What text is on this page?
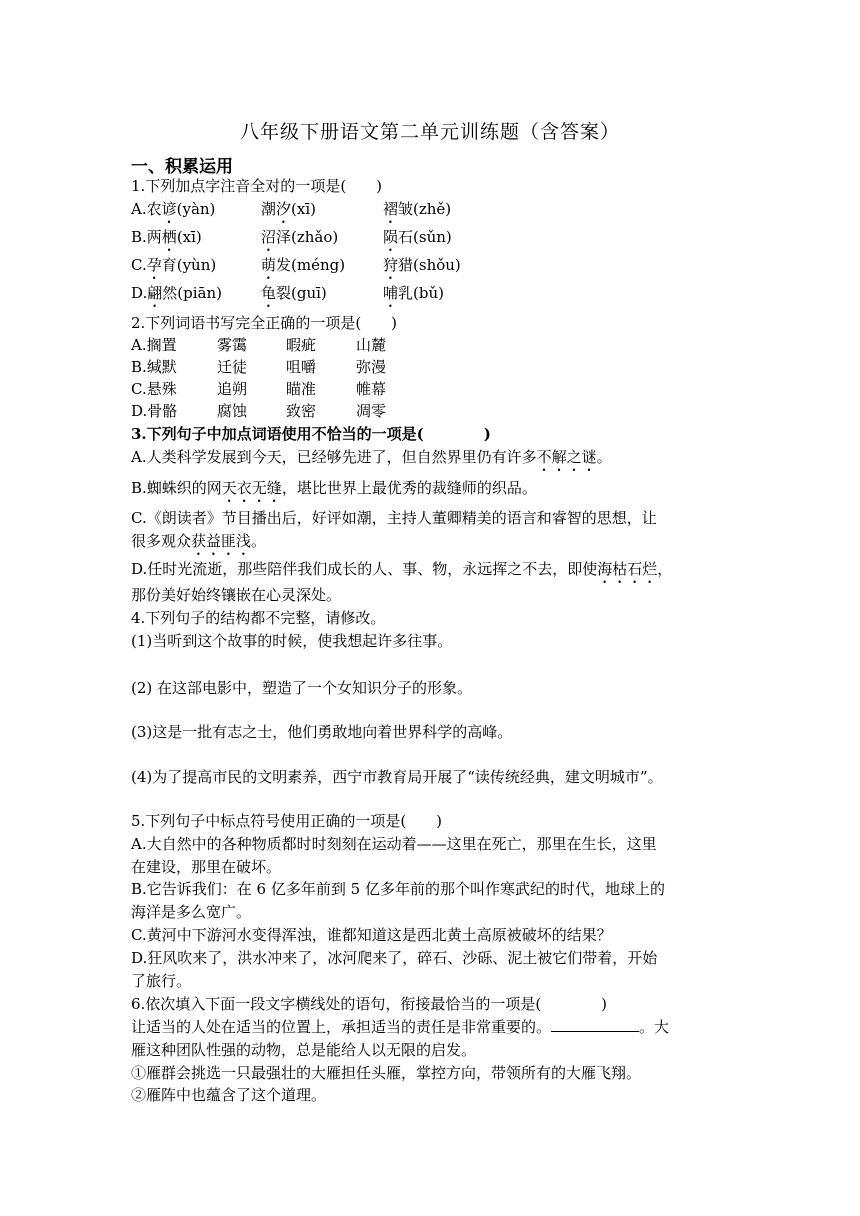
八年级下册语文第二单元训练题（含答案）
一、积累运用
1.下列加点字注音全对的一项是(　　)
A.农谚(yàn)	潮汐(xī)	褶皱(zhě)
B.两栖(xī)	沼泽(zhǎo)	陨石(sǔn)
C.孕育(yùn)	萌发(méng)	狩猎(shǒu)
D.翩然(piān)	龟裂(guī)	哺乳(bǔ)
2.下列词语书写完全正确的一项是(　　)
A.搁置	雾霭	暇疵	山麓
B.缄默	迁徒	咀嚼	弥漫
C.悬殊	追朔	瞄准	帷幕
D.骨骼	腐蚀	致密	凋零
3.下列句子中加点词语使用不恰当的一项是(　　　　)
A.人类科学发展到今天，已经够先进了，但自然界里仍有许多不解之谜。
B.蜘蛛织的网天衣无缝，堪比世界上最优秀的裁缝师的织品。
C.《朗读者》节目播出后，好评如潮，主持人董卿精美的语言和睿智的思想，让
很多观众获益匪浅。
D.任时光流逝，那些陪伴我们成长的人、事、物，永远挥之不去，即使海枯石烂，
那份美好始终镶嵌在心灵深处。
4.下列句子的结构都不完整，请修改。
(1)当听到这个故事的时候，使我想起许多往事。
(2) 在这部电影中，塑造了一个女知识分子的形象。
(3)这是一批有志之士，他们勇敢地向着世界科学的高峰。
(4)为了提高市民的文明素养，西宁市教育局开展了“读传统经典，建文明城市”。
5.下列句子中标点符号使用正确的一项是(　　)
A.大自然中的各种物质都时时刻刻在运动着——这里在死亡，那里在生长，这里
在建设，那里在破坏。
B.它告诉我们：在 6 亿多年前到 5 亿多年前的那个叫作寒武纪的时代，地球上的
海洋是多么宽广。
C.黄河中下游河水变得浑浊，谁都知道这是西北黄土高原被破坏的结果？
D.狂风吹来了，洪水冲来了，冰河爬来了，碎石、沙砾、泥土被它们带着，开始
了旅行。
6.依次填入下面一段文字横线处的语句，衔接最恰当的一项是(　　　　)
让适当的人处在适当的位置上，承担适当的责任是非常重要的。	。大
雁这种团队性强的动物，总是能给人以无限的启发。
①雁群会挑选一只最强壮的大雁担任头雁，掌控方向，带领所有的大雁飞翔。
②雁阵中也蕴含了这个道理。
